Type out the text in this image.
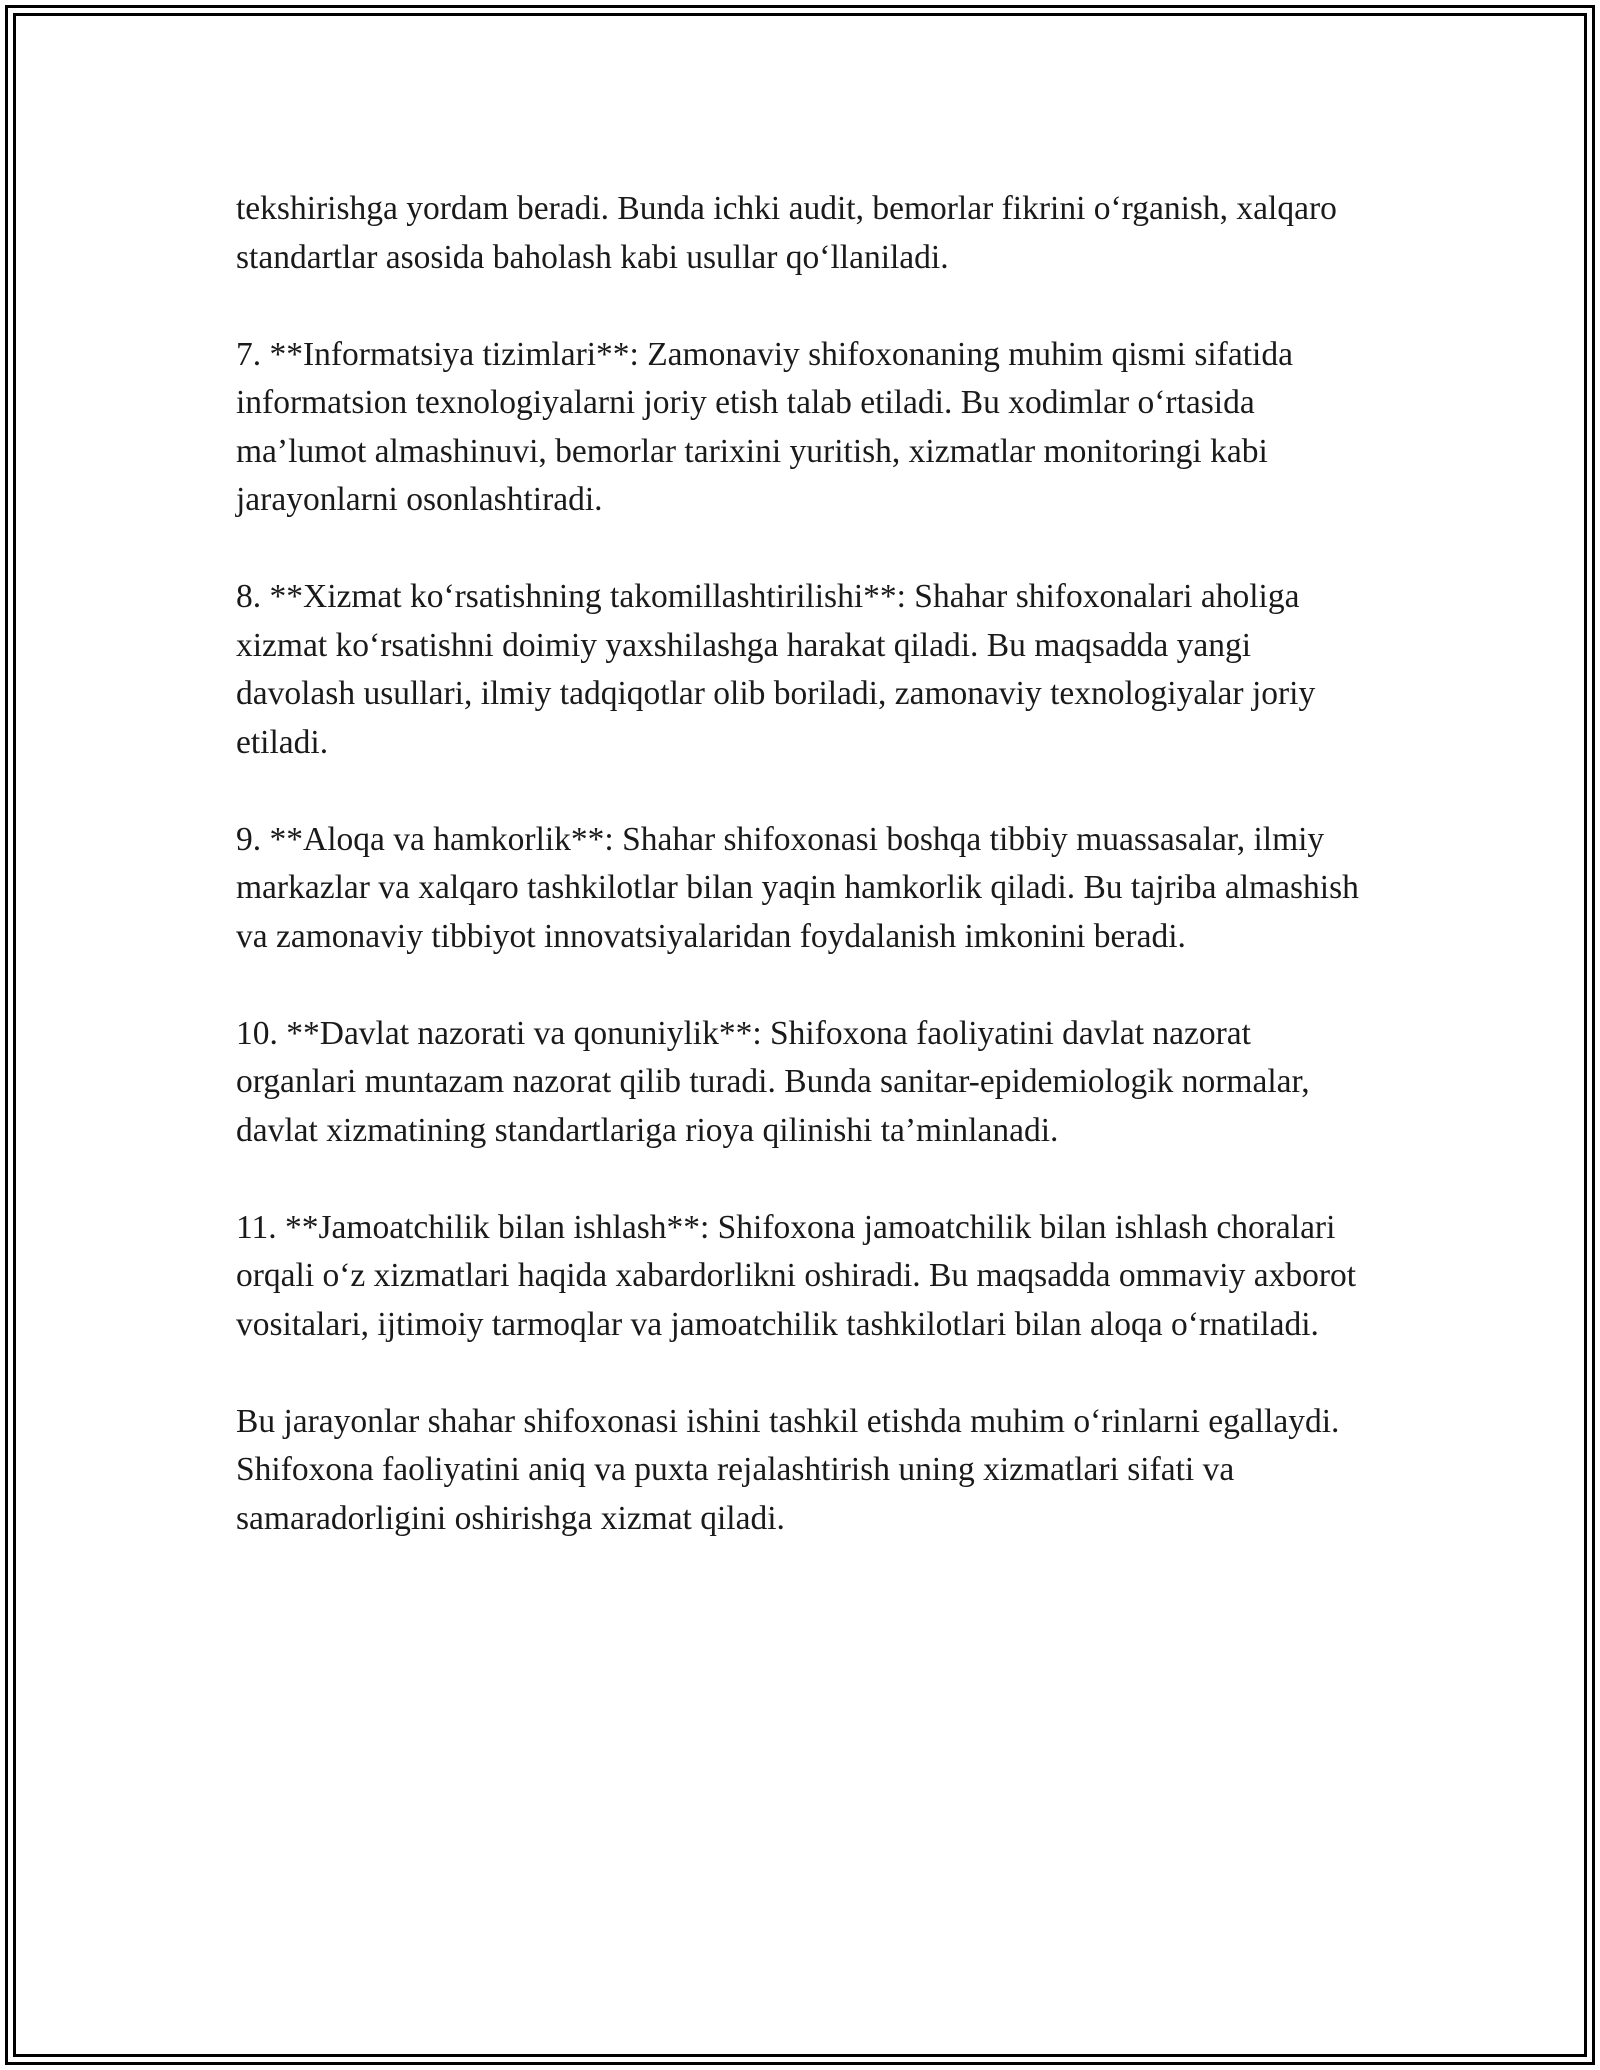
tekshirishga yordam beradi. Bunda ichki audit, bemorlar fikrini o‘rganish, xalqaro standartlar asosida baholash kabi usullar qo‘llaniladi.

7. **Informatsiya tizimlari**: Zamonaviy shifoxonaning muhim qismi sifatida informatsion texnologiyalarni joriy etish talab etiladi. Bu xodimlar o‘rtasida ma’lumot almashinuvi, bemorlar tarixini yuritish, xizmatlar monitoringi kabi jarayonlarni osonlashtiradi.

8. **Xizmat ko‘rsatishning takomillashtirilishi**: Shahar shifoxonalari aholiga xizmat ko‘rsatishni doimiy yaxshilashga harakat qiladi. Bu maqsadda yangi davolash usullari, ilmiy tadqiqotlar olib boriladi, zamonaviy texnologiyalar joriy etiladi.

9. **Aloqa va hamkorlik**: Shahar shifoxonasi boshqa tibbiy muassasalar, ilmiy markazlar va xalqaro tashkilotlar bilan yaqin hamkorlik qiladi. Bu tajriba almashish va zamonaviy tibbiyot innovatsiyalaridan foydalanish imkonini beradi.

10. **Davlat nazorati va qonuniylik**: Shifoxona faoliyatini davlat nazorat organlari muntazam nazorat qilib turadi. Bunda sanitar-epidemiologik normalar, davlat xizmatining standartlariga rioya qilinishi ta’minlanadi.

11. **Jamoatchilik bilan ishlash**: Shifoxona jamoatchilik bilan ishlash choralari orqali o‘z xizmatlari haqida xabardorlikni oshiradi. Bu maqsadda ommaviy axborot vositalari, ijtimoiy tarmoqlar va jamoatchilik tashkilotlari bilan aloqa o‘rnatiladi.

Bu jarayonlar shahar shifoxonasi ishini tashkil etishda muhim o‘rinlarni egallaydi. Shifoxona faoliyatini aniq va puxta rejalashtirish uning xizmatlari sifati va samaradorligini oshirishga xizmat qiladi.
